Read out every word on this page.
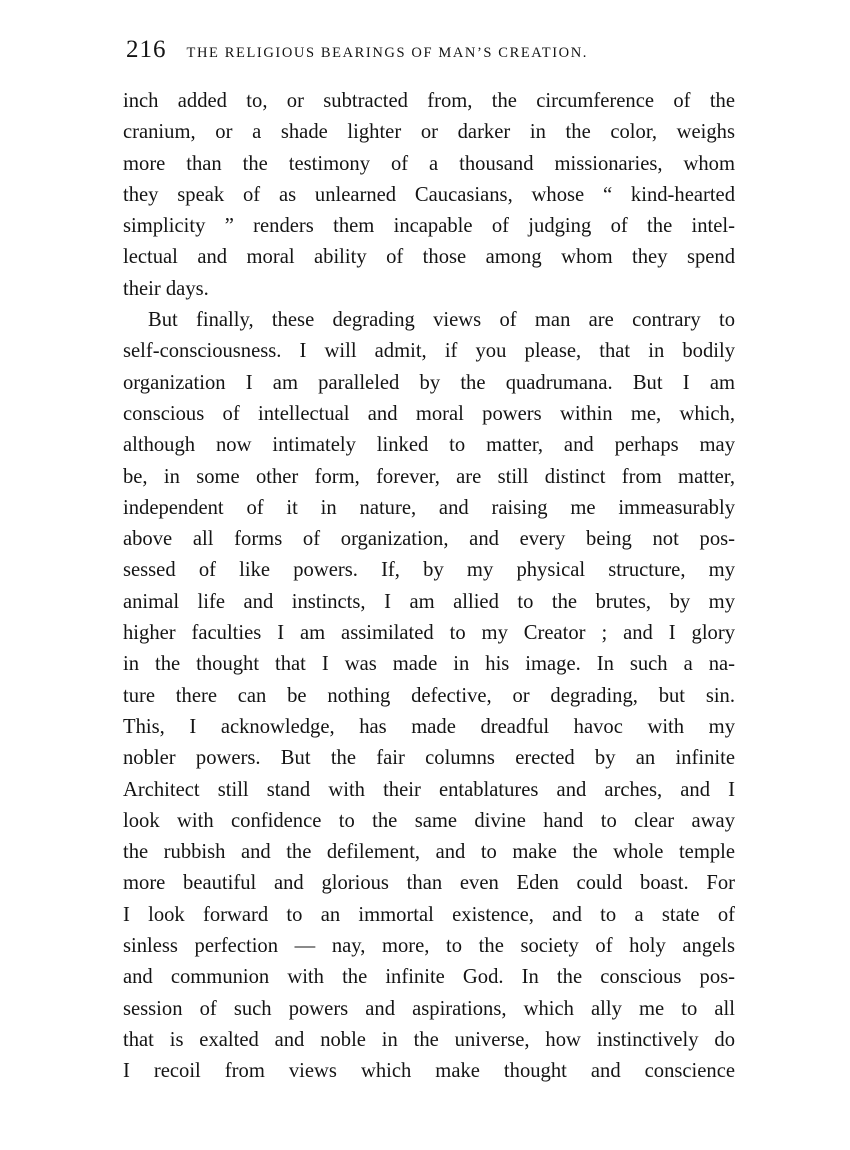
216 THE RELIGIOUS BEARINGS OF MAN’S CREATION.
inch added to, or subtracted from, the circumference of the
cranium, or a shade lighter or darker in the color, weighs
more than the testimony of a thousand missionaries, whom
they speak of as unlearned Caucasians, whose “ kind-hearted
simplicity ” renders them incapable of judging of the intel-
lectual and moral ability of those among whom they spend
their days.
But finally, these degrading views of man are contrary to
self-consciousness. I will admit, if you please, that in bodily
organization I am paralleled by the quadrumana. But I am
conscious of intellectual and moral powers within me, which,
although now intimately linked to matter, and perhaps may
be, in some other form, forever, are still distinct from matter,
independent of it in nature, and raising me immeasurably
above all forms of organization, and every being not pos-
sessed of like powers. If, by my physical structure, my
animal life and instincts, I am allied to the brutes, by my
higher faculties I am assimilated to my Creator ; and I glory
in the thought that I was made in his image. In such a na-
ture there can be nothing defective, or degrading, but sin.
This, I acknowledge, has made dreadful havoc with my
nobler powers. But the fair columns erected by an infinite
Architect still stand with their entablatures and arches, and I
look with confidence to the same divine hand to clear away
the rubbish and the defilement, and to make the whole temple
more beautiful and glorious than even Eden could boast. For
I look forward to an immortal existence, and to a state of
sinless perfection — nay, more, to the society of holy angels
and communion with the infinite God. In the conscious pos-
session of such powers and aspirations, which ally me to all
that is exalted and noble in the universe, how instinctively do
I recoil from views which make thought and conscience
